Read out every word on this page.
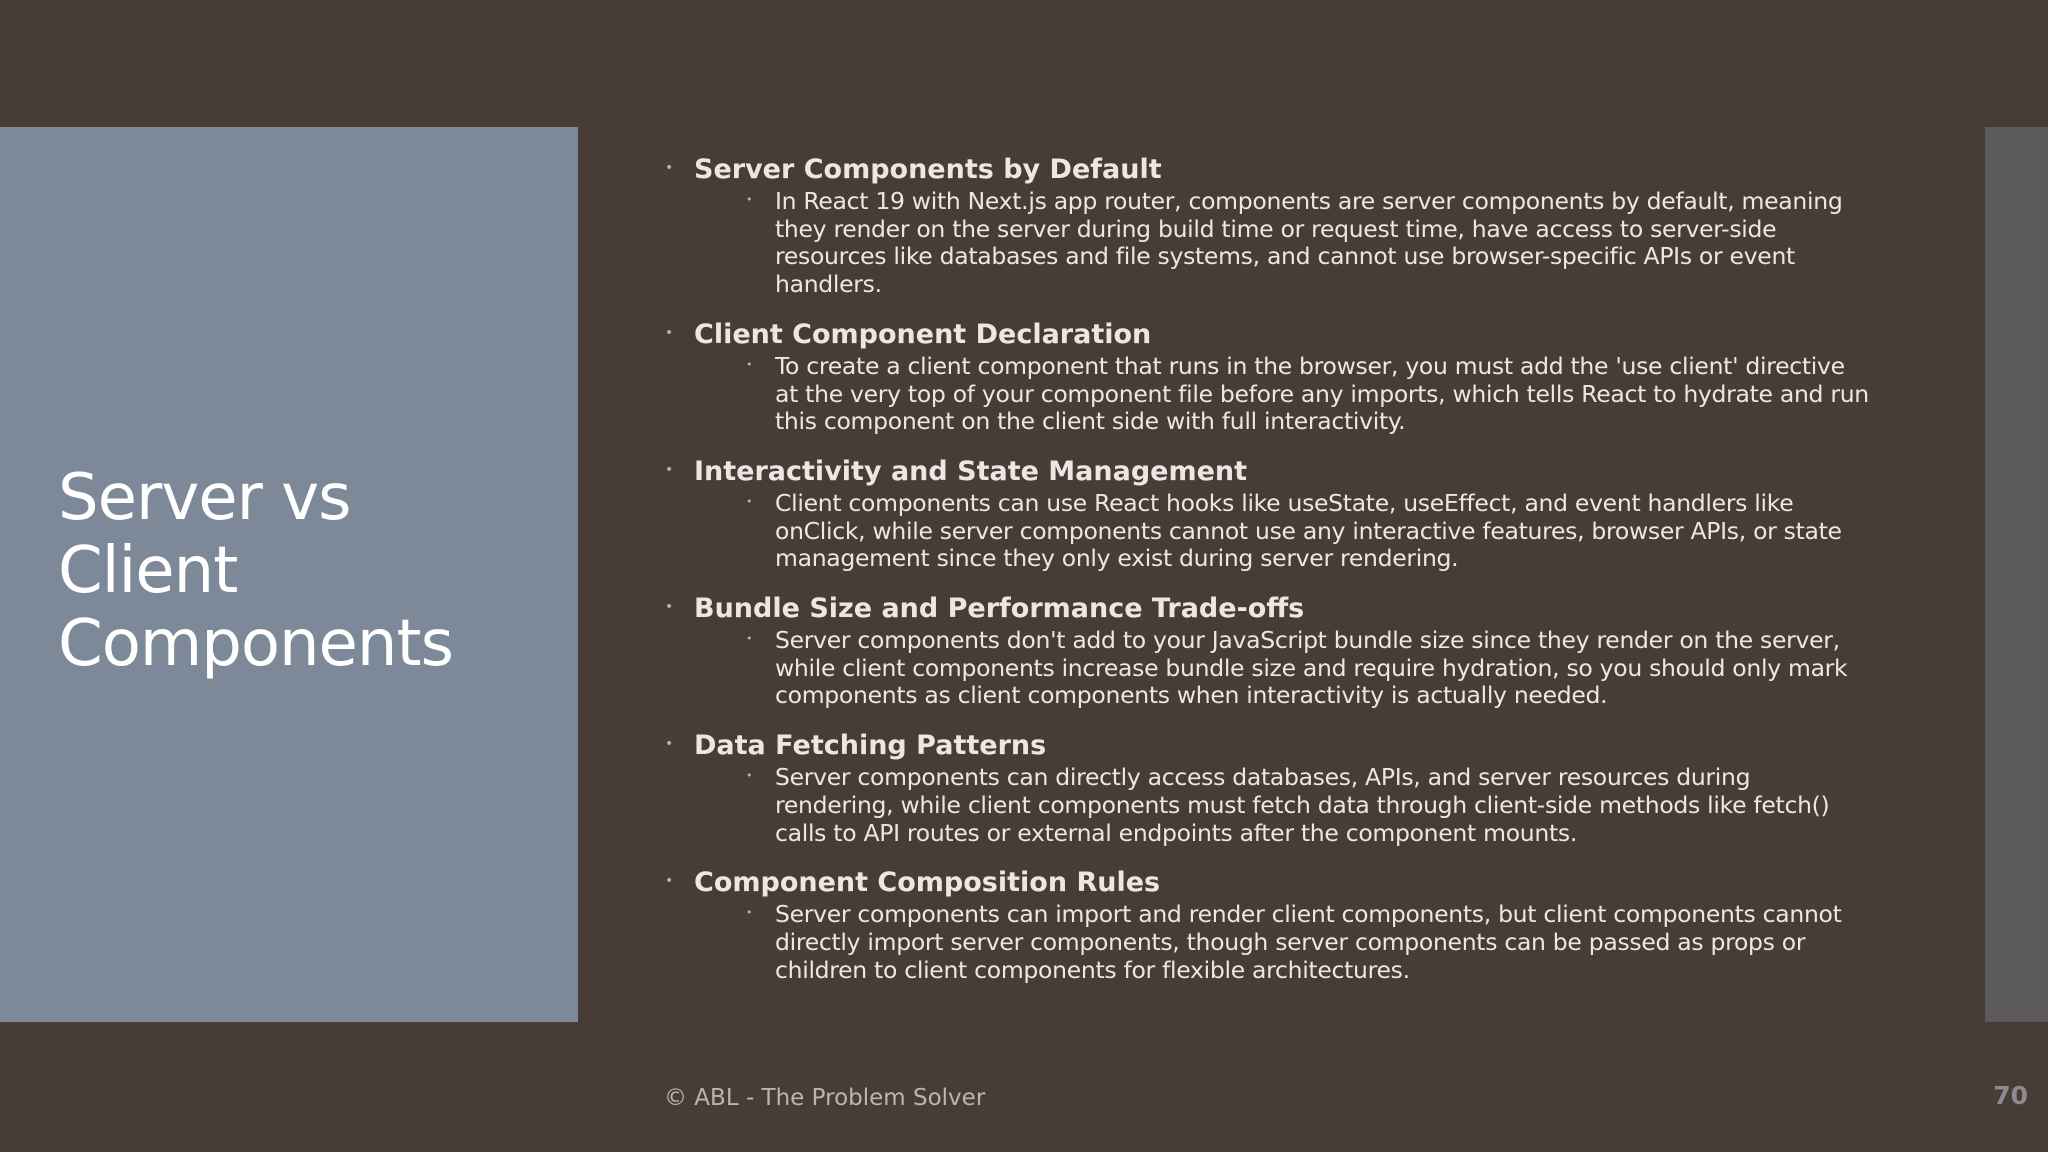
Server vs
Client
Components
• Server Components by Default
• In React 19 with Next.js app router, components are server components by default, meaning they render on the server during build time or request time, have access to server-side resources like databases and file systems, and cannot use browser-specific APIs or event handlers.
• Client Component Declaration
• To create a client component that runs in the browser, you must add the 'use client' directive at the very top of your component file before any imports, which tells React to hydrate and run this component on the client side with full interactivity.
• Interactivity and State Management
• Client components can use React hooks like useState, useEffect, and event handlers like onClick, while server components cannot use any interactive features, browser APIs, or state management since they only exist during server rendering.
• Bundle Size and Performance Trade-offs
• Server components don't add to your JavaScript bundle size since they render on the server, while client components increase bundle size and require hydration, so you should only mark components as client components when interactivity is actually needed.
• Data Fetching Patterns
• Server components can directly access databases, APIs, and server resources during rendering, while client components must fetch data through client-side methods like fetch() calls to API routes or external endpoints after the component mounts.
• Component Composition Rules
• Server components can import and render client components, but client components cannot directly import server components, though server components can be passed as props or children to client components for flexible architectures.
© ABL - The Problem Solver	70
